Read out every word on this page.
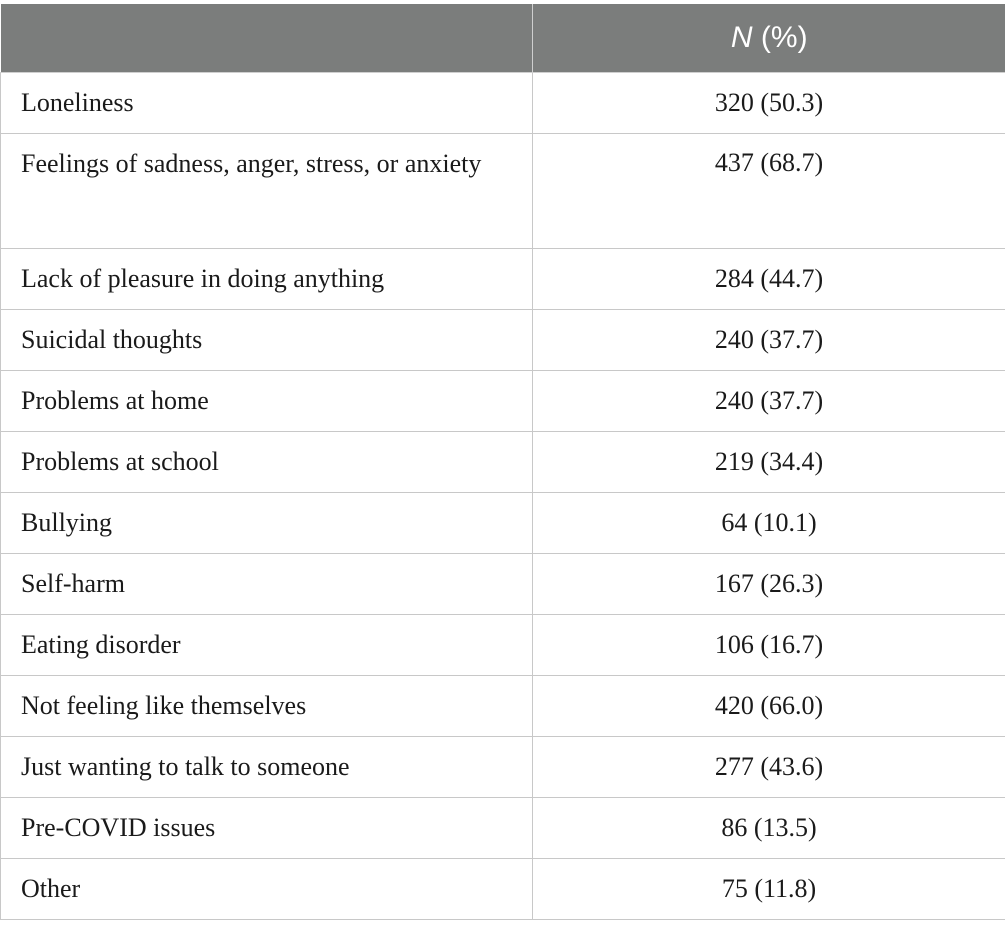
	N (%)
Loneliness	320 (50.3)
Feelings of sadness, anger, stress, or anxiety	437 (68.7)
Lack of pleasure in doing anything	284 (44.7)
Suicidal thoughts	240 (37.7)
Problems at home	240 (37.7)
Problems at school	219 (34.4)
Bullying	64 (10.1)
Self-harm	167 (26.3)
Eating disorder	106 (16.7)
Not feeling like themselves	420 (66.0)
Just wanting to talk to someone	277 (43.6)
Pre-COVID issues	86 (13.5)
Other	75 (11.8)
